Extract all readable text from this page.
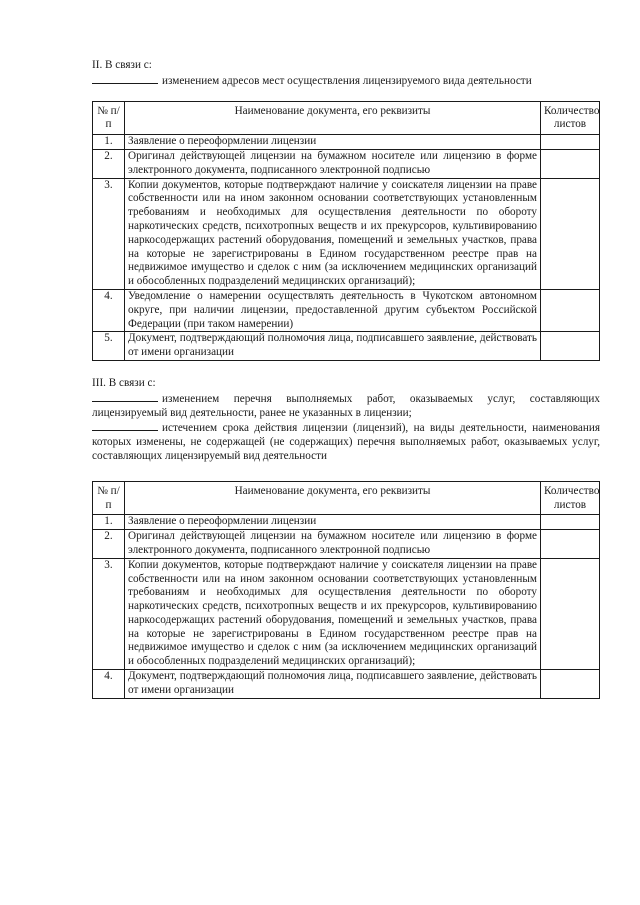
II. В связи с:

изменением адресов мест осуществления лицензируемого вида деятельности

№ п/п	Наименование документа, его реквизиты	Количество листов
1.	Заявление о переоформлении лицензии	
2.	Оригинал действующей лицензии на бумажном носителе или лицензию в форме электронного документа, подписанного электронной подписью	
3.	Копии документов, которые подтверждают наличие у соискателя лицензии на праве собственности или на ином законном основании соответствующих установленным требованиям и необходимых для осуществления деятельности по обороту наркотических средств, психотропных веществ и их прекурсоров, культивированию наркосодержащих растений оборудования, помещений и земельных участков, права на которые не зарегистрированы в Едином государственном реестре прав на недвижимое имущество и сделок с ним (за исключением медицинских организаций и обособленных подразделений медицинских организаций);	
4.	Уведомление о намерении осуществлять деятельность в Чукотском автономном округе, при наличии лицензии, предоставленной другим субъектом Российской Федерации (при таком намерении)	
5.	Документ, подтверждающий полномочия лица, подписавшего заявление, действовать от имени организации	

III. В связи с:

изменением перечня выполняемых работ, оказываемых услуг, составляющих лицензируемый вид деятельности, ранее не указанных в лицензии;

истечением срока действия лицензии (лицензий), на виды деятельности, наименования которых изменены, не содержащей (не содержащих) перечня выполняемых работ, оказываемых услуг, составляющих лицензируемый вид деятельности

№ п/п	Наименование документа, его реквизиты	Количество листов
1.	Заявление о переоформлении лицензии	
2.	Оригинал действующей лицензии на бумажном носителе или лицензию в форме электронного документа, подписанного электронной подписью	
3.	Копии документов, которые подтверждают наличие у соискателя лицензии на праве собственности или на ином законном основании соответствующих установленным требованиям и необходимых для осуществления деятельности по обороту наркотических средств, психотропных веществ и их прекурсоров, культивированию наркосодержащих растений оборудования, помещений и земельных участков, права на которые не зарегистрированы в Едином государственном реестре прав на недвижимое имущество и сделок с ним (за исключением медицинских организаций и обособленных подразделений медицинских организаций);	
4.	Документ, подтверждающий полномочия лица, подписавшего заявление, действовать от имени организации	
